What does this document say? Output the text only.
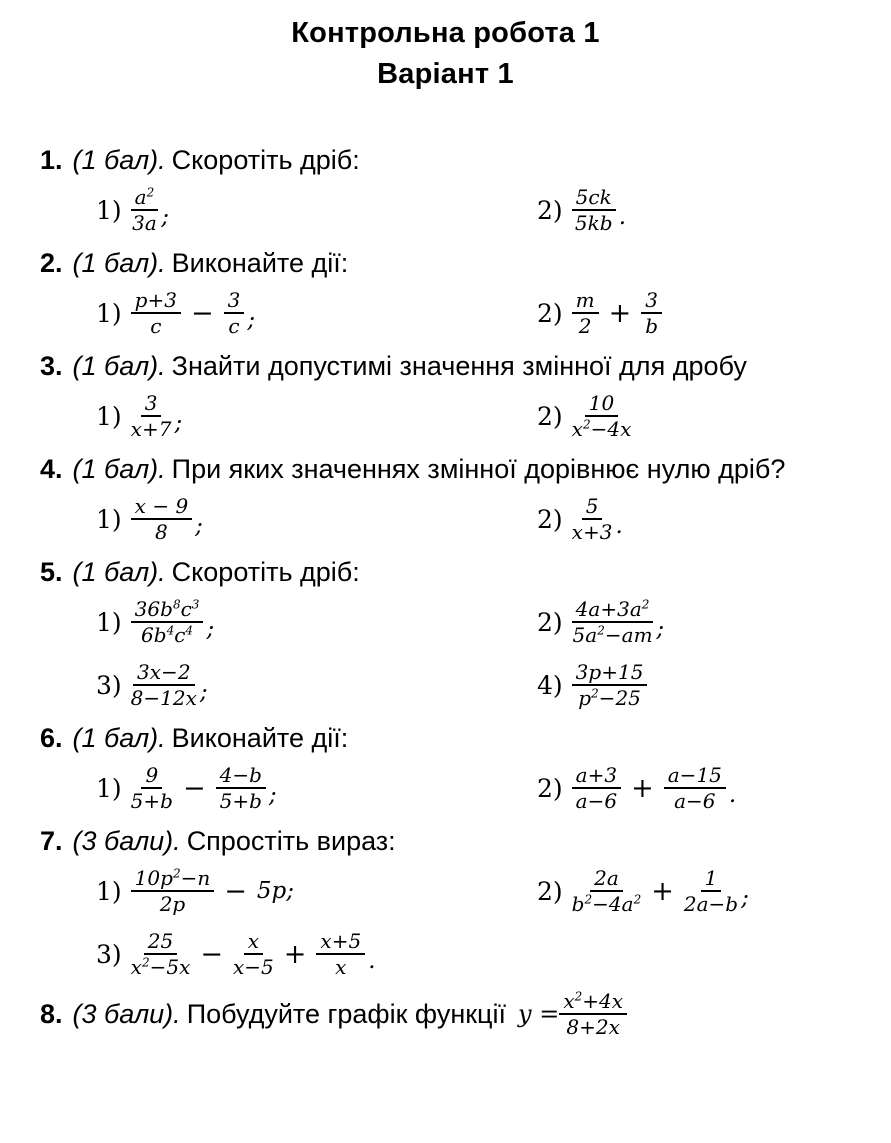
Контрольна робота 1
Варіант 1
1. (1 бал). Скоротіть дріб:
$1) \frac{a^2}{3a}$ ;	$2) \frac{5ck}{5kb}$ .
2. (1 бал). Виконайте дії:
$1) \frac{p+3}{c} - \frac{3}{c}$ ;	$2) \frac{m}{2} + \frac{3}{b}$
3. (1 бал). Знайти допустимі значення змінної для дробу
$1) \frac{3}{x+7}$ ;	$2) \frac{10}{x^2-4x}$
4. (1 бал). При яких значеннях змінної дорівнює нулю дріб?
$1) \frac{x - 9}{8}$ ;	$2) \frac{5}{x+3}$ .
5. (1 бал). Скоротіть дріб:
$1) \frac{36b^8c^3}{6b^4c^4}$ ;	$2) \frac{4a+3a^2}{5a^2-am}$ ;
$3) \frac{3x-2}{8-12x}$ ;	$4) \frac{3p+15}{p^2-25}$
6. (1 бал). Виконайте дії:
$1) \frac{9}{5+b} - \frac{4-b}{5+b}$ ;	$2) \frac{a+3}{a-6} + \frac{a-15}{a-6}$ .
7. (3 бали). Спростіть вираз:
$1) \frac{10p^2-n}{2p} - 5p$;	$2) \frac{2a}{b^2-4a^2} + \frac{1}{2a-b}$ ;
$3) \frac{25}{x^2-5x} - \frac{x}{x-5} + \frac{x+5}{x}$ .
8. (3 бали). Побудуйте графік функції $y = \frac{x^2+4x}{8+2x}$
